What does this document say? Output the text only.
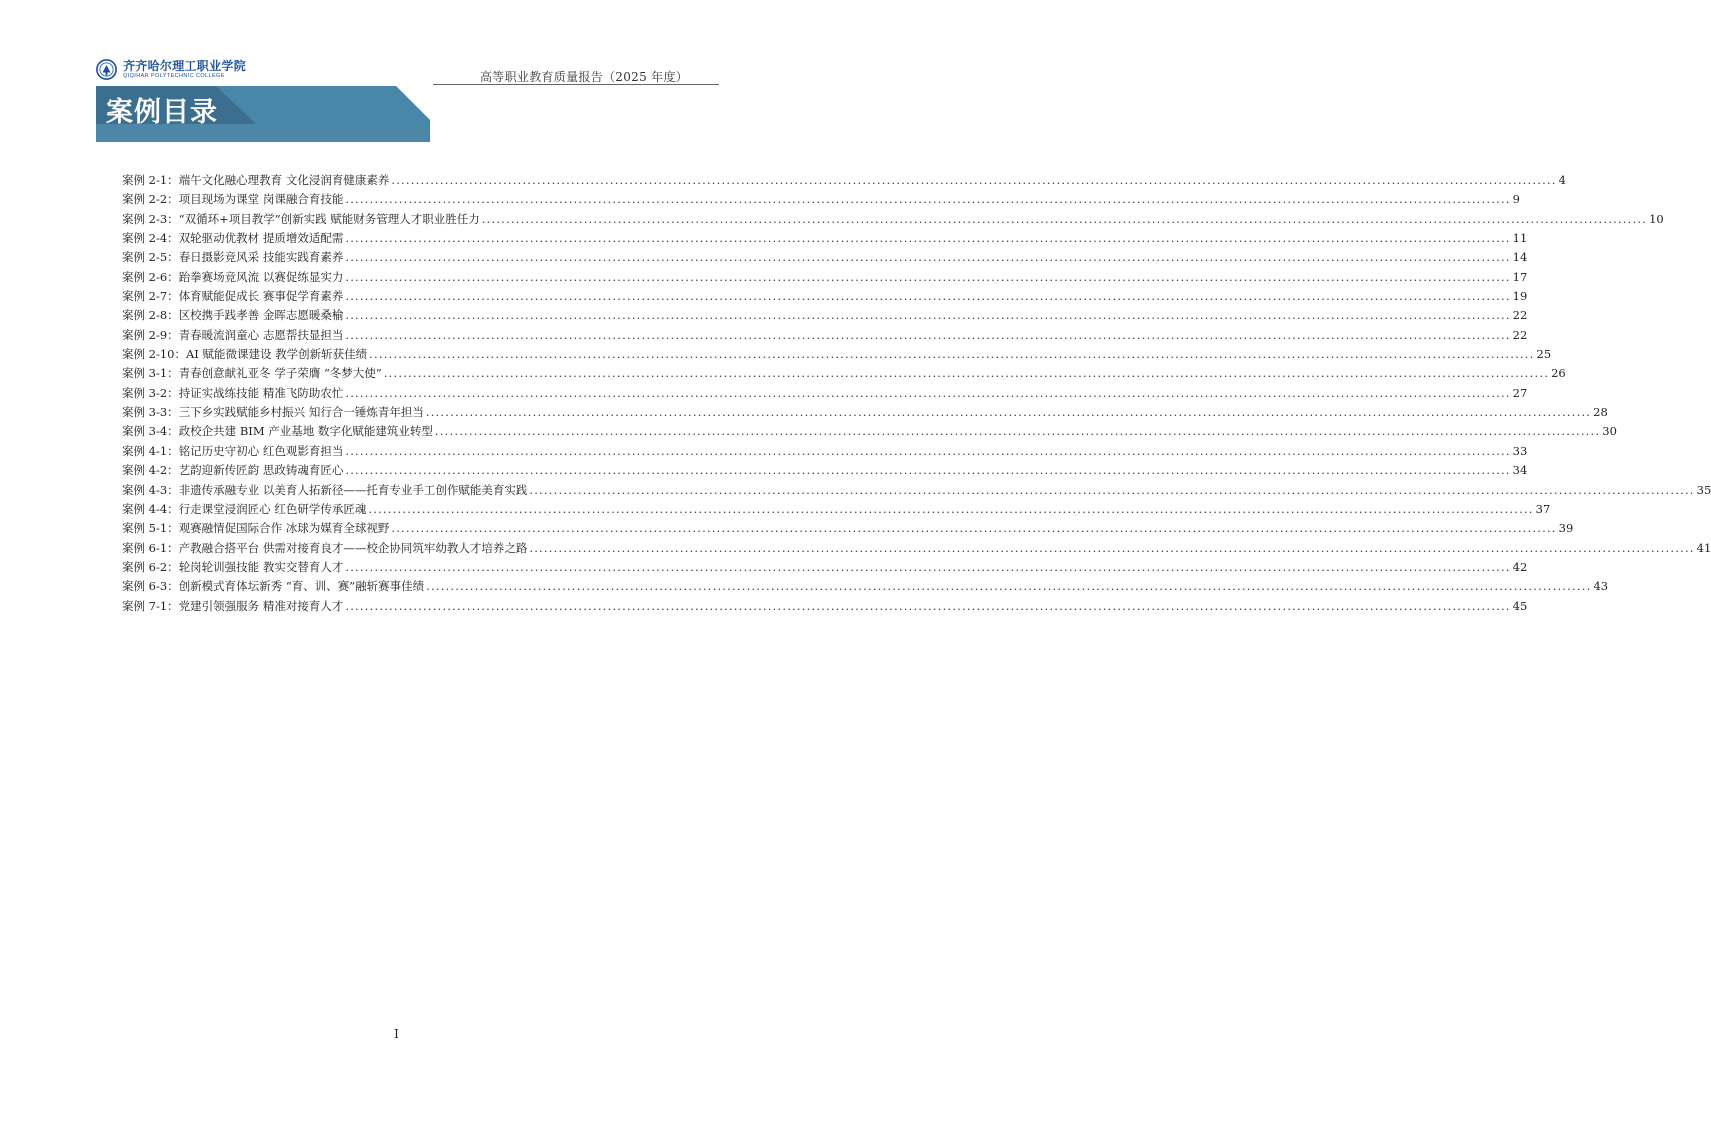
齐齐哈尔理工职业学院
QIQIHAR POLYTECHNIC COLLEGE	高等职业教育质量报告（2025 年度）
案例目录
案例 2-1： 端午文化融心理教育 文化浸润育健康素养 ................................................................................................................................................................................................................................................ 4
案例 2-2： 项目现场为课堂 岗课融合育技能 ................................................................................................................................................................................................................................................ 9
案例 2-3： “双循环+项目教学”创新实践 赋能财务管理人才职业胜任力 ................................................................................................................................................................................................................................................ 10
案例 2-4： 双轮驱动优教材 提质增效适配需 ................................................................................................................................................................................................................................................ 11
案例 2-5： 春日摄影竞风采 技能实践育素养 ................................................................................................................................................................................................................................................ 14
案例 2-6： 跆拳赛场竞风流 以赛促练显实力 ................................................................................................................................................................................................................................................ 17
案例 2-7： 体育赋能促成长 赛事促学育素养 ................................................................................................................................................................................................................................................ 19
案例 2-8： 区校携手践孝善 金晖志愿暖桑榆 ................................................................................................................................................................................................................................................ 22
案例 2-9： 青春暖流润童心 志愿帮扶显担当 ................................................................................................................................................................................................................................................ 22
案例 2-10： AI 赋能微课建设 教学创新斩获佳绩 ................................................................................................................................................................................................................................................ 25
案例 3-1： 青春创意献礼亚冬 学子荣膺 “冬梦大使” ................................................................................................................................................................................................................................................ 26
案例 3-2： 持证实战练技能 精准飞防助农忙 ................................................................................................................................................................................................................................................ 27
案例 3-3： 三下乡实践赋能乡村振兴 知行合一锤炼青年担当 ................................................................................................................................................................................................................................................ 28
案例 3-4： 政校企共建 BIM 产业基地 数字化赋能建筑业转型 ................................................................................................................................................................................................................................................ 30
案例 4-1： 铭记历史守初心 红色观影育担当 ................................................................................................................................................................................................................................................ 33
案例 4-2： 艺韵迎新传匠韵 思政铸魂育匠心 ................................................................................................................................................................................................................................................ 34
案例 4-3： 非遗传承融专业 以美育人拓新径——托育专业手工创作赋能美育实践 ................................................................................................................................................................................................................................................ 35
案例 4-4： 行走课堂浸润匠心 红色研学传承匠魂 ................................................................................................................................................................................................................................................ 37
案例 5-1： 观赛融情促国际合作 冰球为媒育全球视野 ................................................................................................................................................................................................................................................ 39
案例 6-1： 产教融合搭平台 供需对接育良才——校企协同筑牢幼教人才培养之路 ................................................................................................................................................................................................................................................ 41
案例 6-2： 轮岗轮训强技能 教实交替育人才 ................................................................................................................................................................................................................................................ 42
案例 6-3： 创新模式育体坛新秀 “育、训、赛”融斩赛事佳绩 ................................................................................................................................................................................................................................................ 43
案例 7-1： 党建引领强服务 精准对接育人才 ................................................................................................................................................................................................................................................ 45
I
